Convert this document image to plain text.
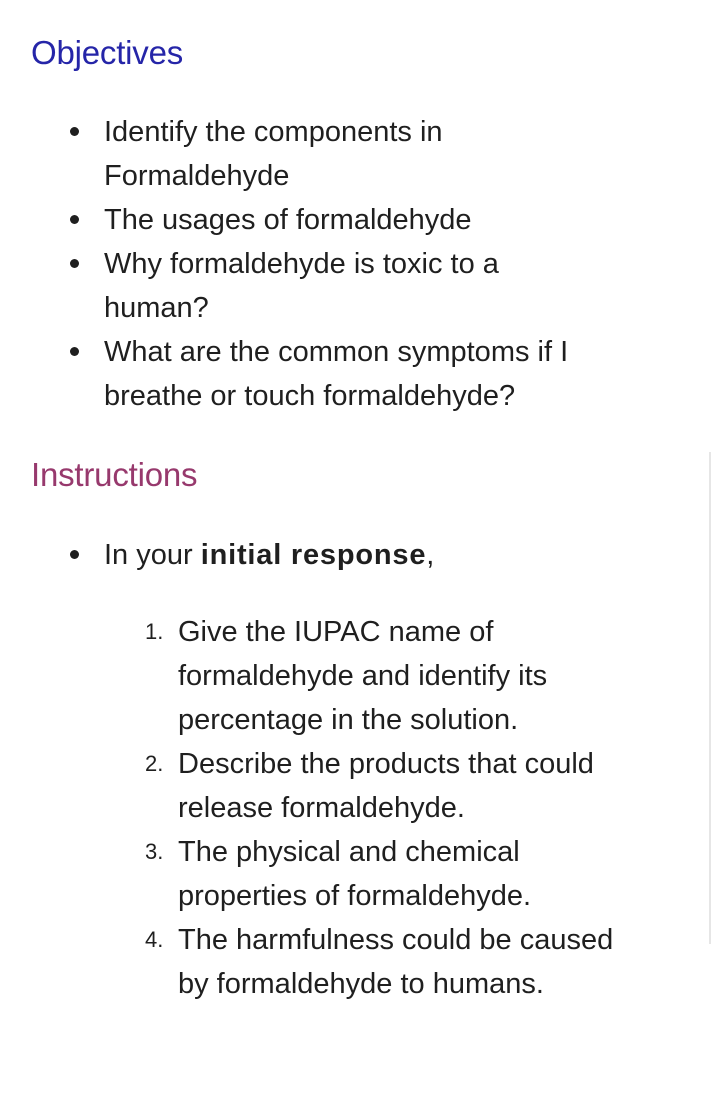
Objectives
Identify the components in
Formaldehyde
The usages of formaldehyde
Why formaldehyde is toxic to a
human?
What are the common symptoms if I
breathe or touch formaldehyde?
Instructions
In your initial response,
1. Give the IUPAC name of
formaldehyde and identify its
percentage in the solution.
2. Describe the products that could
release formaldehyde.
3. The physical and chemical
properties of formaldehyde.
4. The harmfulness could be caused
by formaldehyde to humans.
